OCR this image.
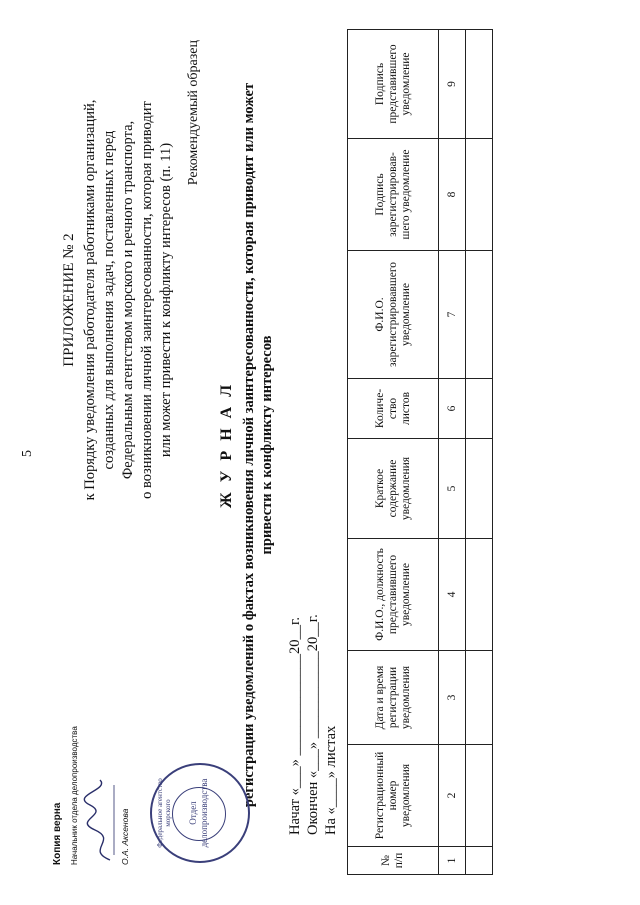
5
ПРИЛОЖЕНИЕ № 2 к Порядку уведомления работодателя работниками организаций, созданных для выполнения задач, поставленных перед Федеральным агентством морского и речного транспорта, о возникновении личной заинтересованности, которая приводит или может привести к конфликту интересов (п. 11)
Рекомендуемый образец
Ж У Р Н А Л регистрации уведомлений о фактах возникновения личной заинтересованности, которая приводит или может привести к конфликту интересов
Начат «___» ______________20__г. Окончен «___» ____________20__г. На «____» листах
№ п/п	Регистрационный номер уведомления	Дата и время регистрации уведомления	Ф.И.О., должность представившего уведомление	Краткое содержание уведомления	Количе-ство листов	Ф.И.О. зарегистрировавшего уведомление	Подпись зарегистрировав-шего уведомление	Подпись представившего уведомление
1	2	3	4	5	6	7	8	9

Копия верна Начальник отдела делопроизводства	О.А. Аксенова	Федеральное агентство морского Отдел делопроизводства
